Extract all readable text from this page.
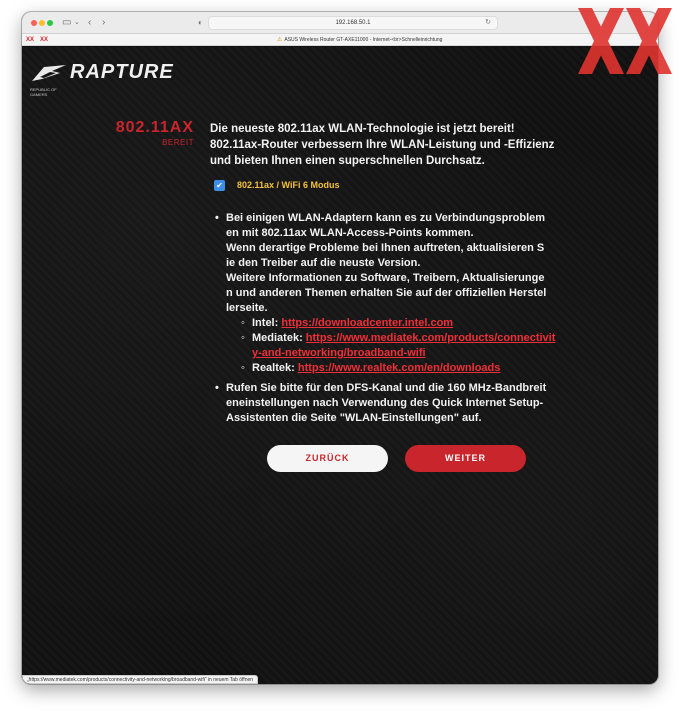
▭ ⌄ ‹ ›	◐	192.168.50.1	↻
XX XX	⚠ ASUS Wireless Router GT-AXE11000 - Internet-<br>Schnelleinrichtung
RAPTURE
REPUBLIC OF GAMERS
802.11AX
BEREIT
Die neueste 802.11ax WLAN-Technologie ist jetzt bereit!
802.11ax-Router verbessern Ihre WLAN-Leistung und -Effizienz
und bieten Ihnen einen superschnellen Durchsatz.
✔ 802.11ax / WiFi 6 Modus
• Bei einigen WLAN-Adaptern kann es zu Verbindungsproblem
en mit 802.11ax WLAN-Access-Points kommen.
Wenn derartige Probleme bei Ihnen auftreten, aktualisieren S
ie den Treiber auf die neuste Version.
Weitere Informationen zu Software, Treibern, Aktualisierunge
n und anderen Themen erhalten Sie auf der offiziellen Herstel
lerseite.
◦ Intel: https://downloadcenter.intel.com
◦ Mediatek: https://www.mediatek.com/products/connectivit
y-and-networking/broadband-wifi
◦ Realtek: https://www.realtek.com/en/downloads
• Rufen Sie bitte für den DFS-Kanal und die 160 MHz-Bandbreit
eneinstellungen nach Verwendung des Quick Internet Setup-
Assistenten die Seite "WLAN-Einstellungen" auf.
ZURÜCK	WEITER
„https://www.mediatek.com/products/connectivity-and-networking/broadband-wifi“ in neuem Tab öffnen
